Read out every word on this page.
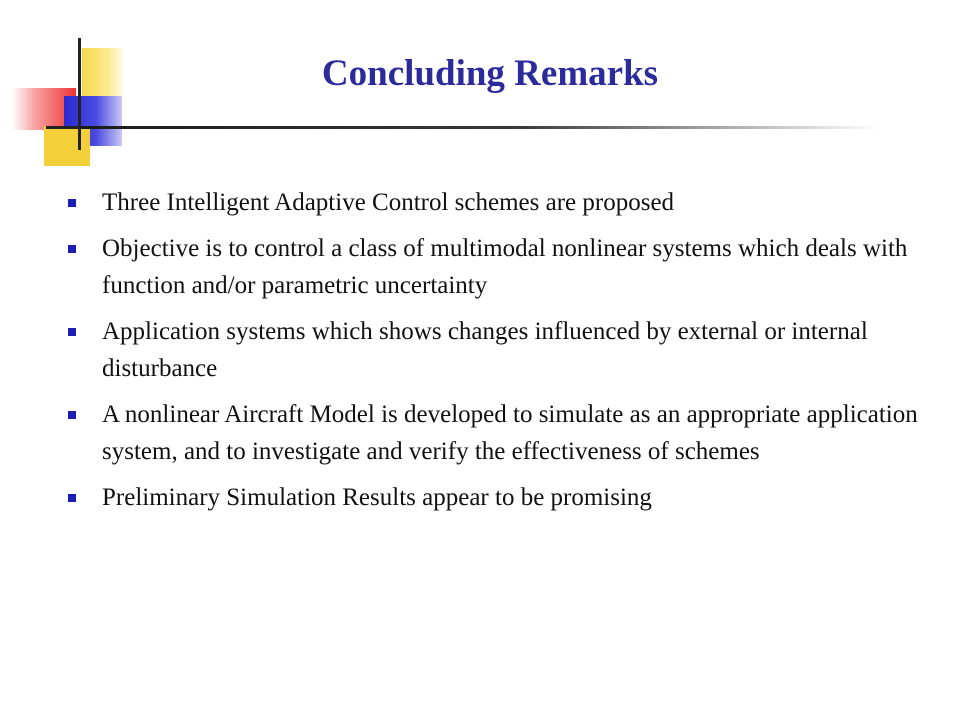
Concluding Remarks
Three Intelligent Adaptive Control schemes are proposed
Objective is to control a class of multimodal nonlinear systems which deals with function and/or parametric uncertainty
Application systems which shows changes influenced by external or internal disturbance
A nonlinear Aircraft Model is developed to simulate as an appropriate application system, and to investigate and verify the effectiveness of schemes
Preliminary Simulation Results appear to be promising
